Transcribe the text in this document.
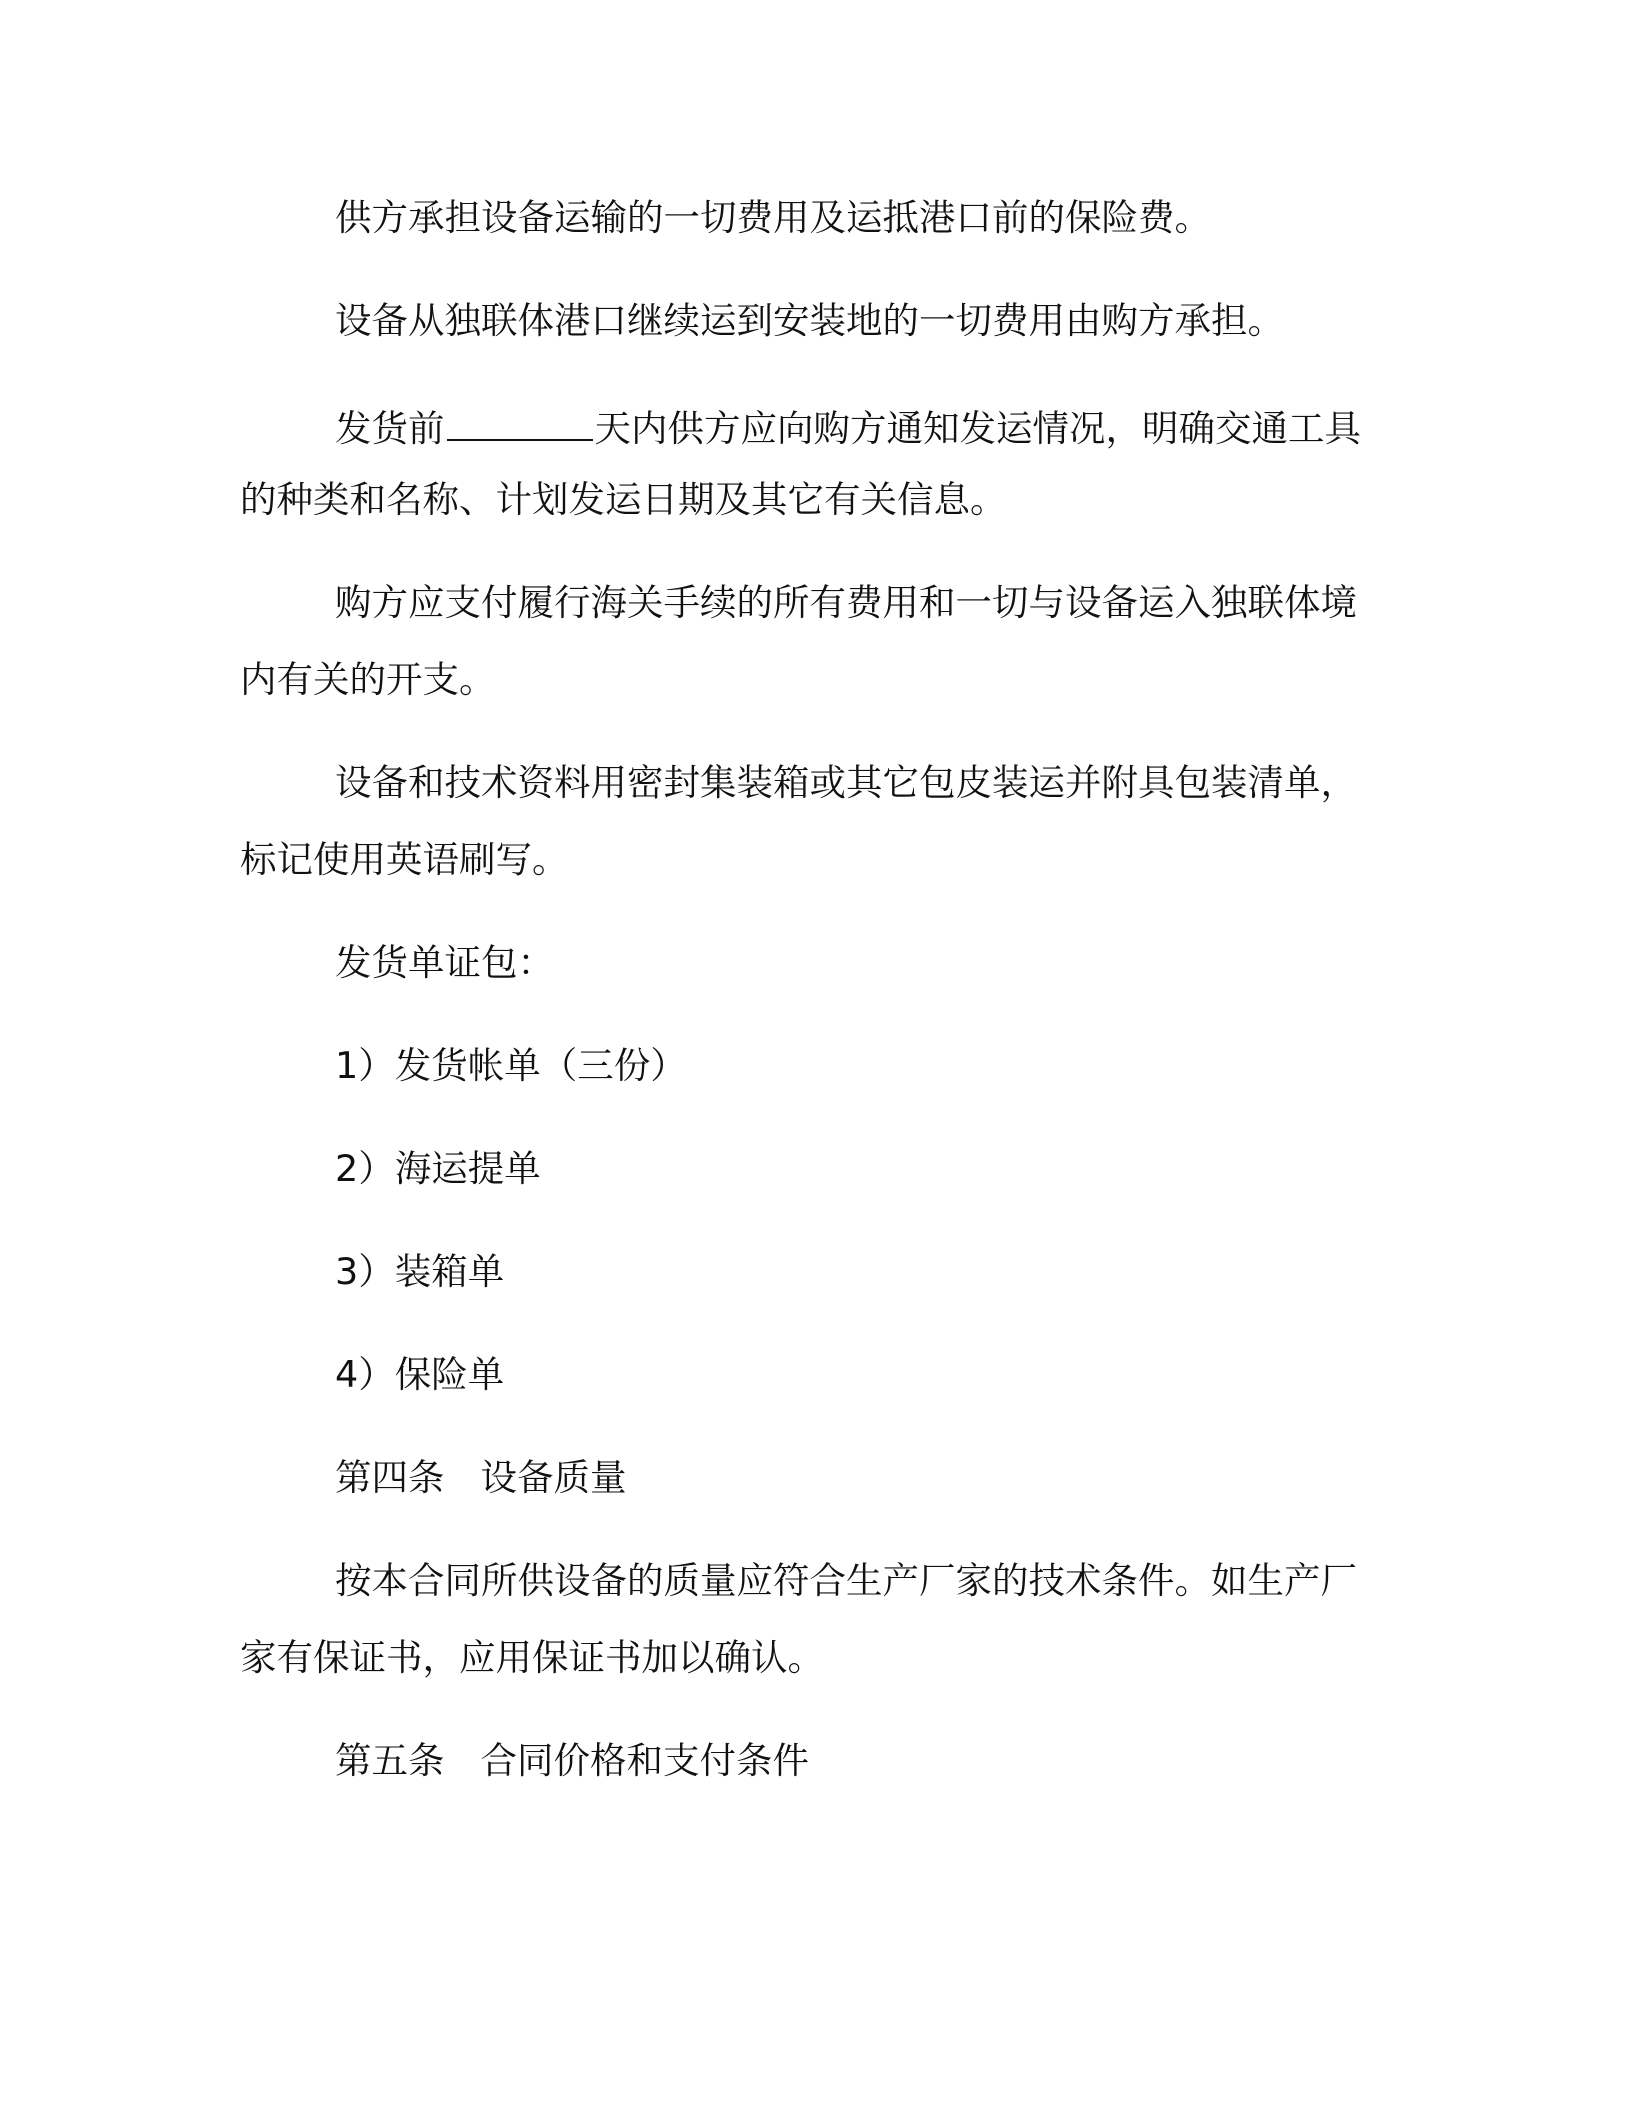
供方承担设备运输的一切费用及运抵港口前的保险费。
设备从独联体港口继续运到安装地的一切费用由购方承担。
发货前	天内供方应向购方通知发运情况，明确交通工具
的种类和名称、计划发运日期及其它有关信息。
购方应支付履行海关手续的所有费用和一切与设备运入独联体境
内有关的开支。
设备和技术资料用密封集装箱或其它包皮装运并附具包装清单，
标记使用英语刷写。
发货单证包：
1）发货帐单（三份）
2）海运提单
3）装箱单
4）保险单
第四条 设备质量
按本合同所供设备的质量应符合生产厂家的技术条件。如生产厂
家有保证书，应用保证书加以确认。
第五条 合同价格和支付条件
